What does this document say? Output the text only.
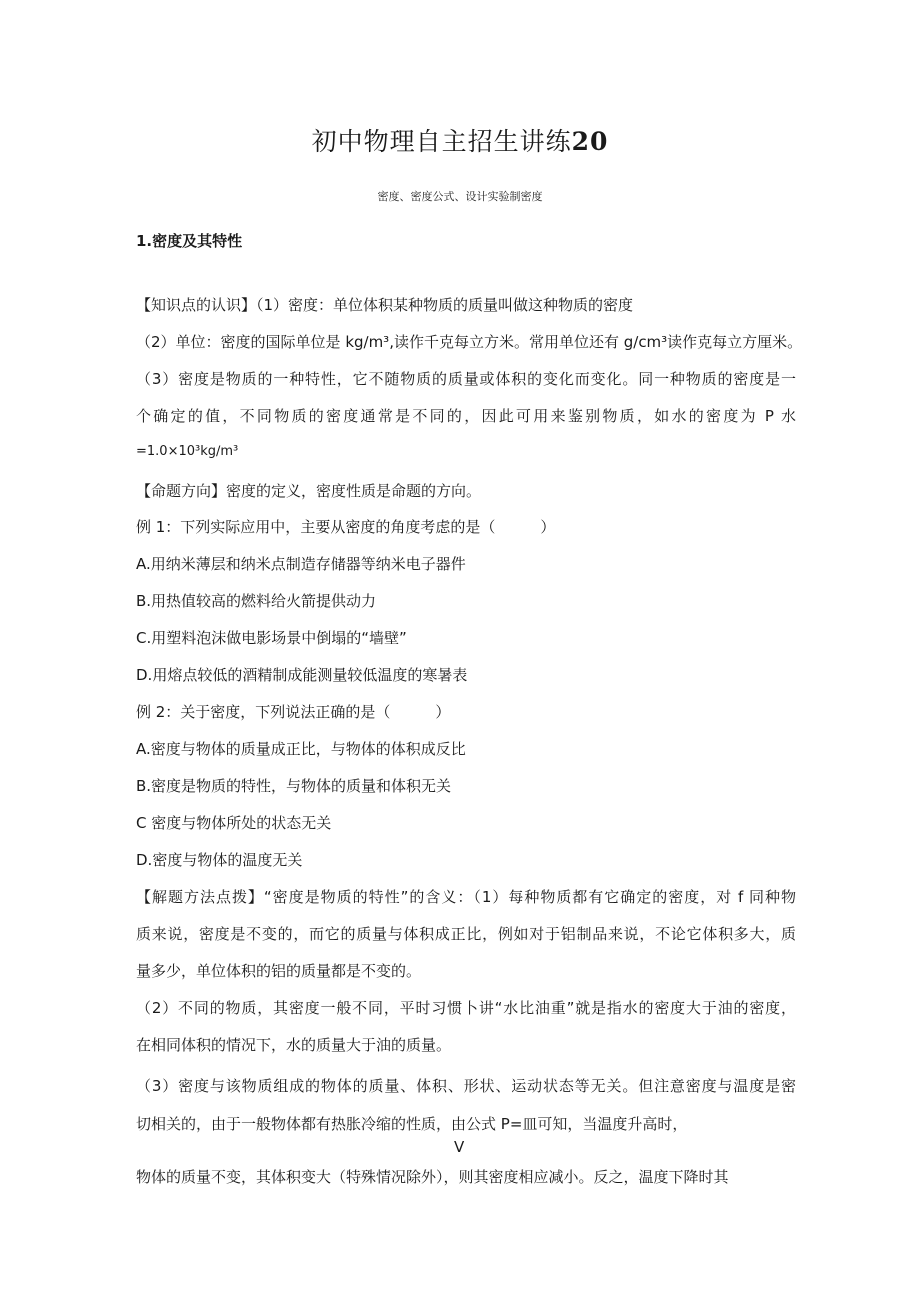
初中物理自主招生讲练20
密度、密度公式、设计实验制密度
1.密度及其特性
【知识点的认识】（1）密度：单位体积某种物质的质量叫做这种物质的密度
（2）单位：密度的国际单位是 kg∕m³,读作千克每立方米。常用单位还有 g∕cm³读作克每立方厘米。
（3）密度是物质的一种特性，它不随物质的质量或体积的变化而变化。同一种物质的密度是一
个确定的值，不同物质的密度通常是不同的，因此可用来鉴别物质，如水的密度为 P 水
=1.0×10³kg∕m³
【命题方向】密度的定义，密度性质是命题的方向。
例 1：下列实际应用中，主要从密度的角度考虑的是（　　　）
A.用纳米薄层和纳米点制造存储器等纳米电子器件
B.用热值较高的燃料给火箭提供动力
C.用塑料泡沫做电影场景中倒塌的“墙壁”
D.用熔点较低的酒精制成能测量较低温度的寒暑表
例 2：关于密度，下列说法正确的是（　　　）
A.密度与物体的质量成正比，与物体的体积成反比
B.密度是物质的特性，与物体的质量和体积无关
C 密度与物体所处的状态无关
D.密度与物体的温度无关
【解题方法点拨】“密度是物质的特性”的含义：（1）每种物质都有它确定的密度，对 f 同种物
质来说，密度是不变的，而它的质量与体积成正比，例如对于铝制品来说，不论它体积多大，质
量多少，单位体积的铝的质量都是不变的。
（2）不同的物质，其密度一般不同，平时习惯卜讲“水比油重”就是指水的密度大于油的密度，
在相同体积的情况下，水的质量大于油的质量。
（3）密度与该物质组成的物体的质量、体积、形状、运动状态等无关。但注意密度与温度是密
切相关的，由于一般物体都有热胀冷缩的性质，由公式 P=皿可知，当温度升高时，
V
物体的质量不变，其体积变大（特殊情况除外），则其密度相应减小。反之，温度下降时其
